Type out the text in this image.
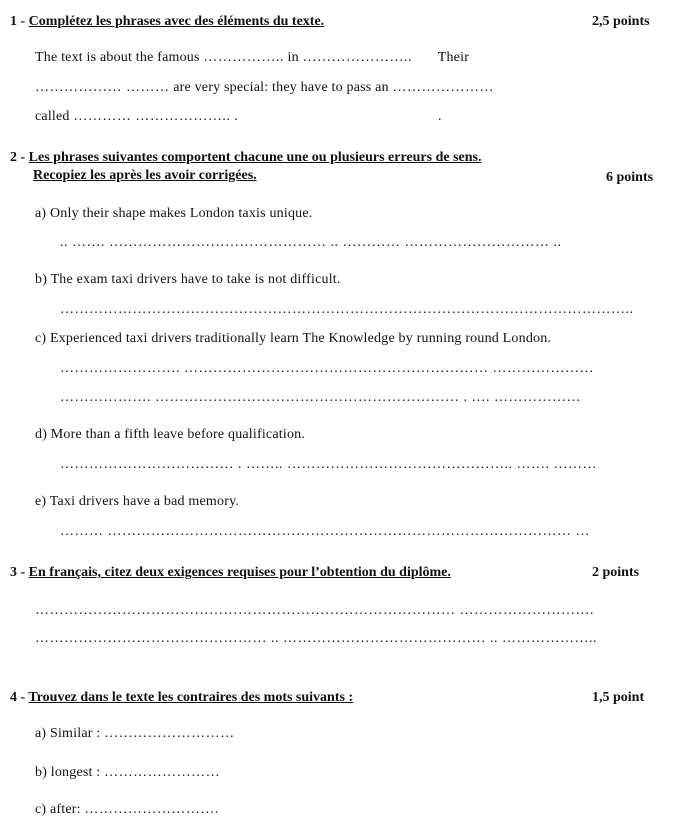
1 - Complétez les phrases avec des éléments du texte.	2,5 points
The text is about the famous …………….. in ………………….. Their
……………… ……… are very special: they have to pass an …………………
called ………… ……………….. .	.
2 - Les phrases suivantes comportent chacune une ou plusieurs erreurs de sens.
Recopiez les après les avoir corrigées.	6 points
a) Only their shape makes London taxis unique.
.. ……. ……………………………………… .. ………… ………………………… ..
b) The exam taxi drivers have to take is not difficult.
………………………………………………………………………………………………………..
c) Experienced taxi drivers traditionally learn The Knowledge by running round London.
……………………. ……………………………………………………… …………………
………………. ……………………………………………………… . …. ………………
d) More than a fifth leave before qualification.
……………………………… . …….. ……………………………………….. ……. ………
e) Taxi drivers have a bad memory.
……… …………………………………………………………………………………… …
3 - En français, citez deux exigences requises pour l’obtention du diplôme.	2 points
…………………………………………………………………………… ……………………….
………………………………………… .. …………………………………… .. ………………..
4 - Trouvez dans le texte les contraires des mots suivants :	1,5 point
a) Similar : ………………………
b) longest : ……………………
c) after: ……………………….
